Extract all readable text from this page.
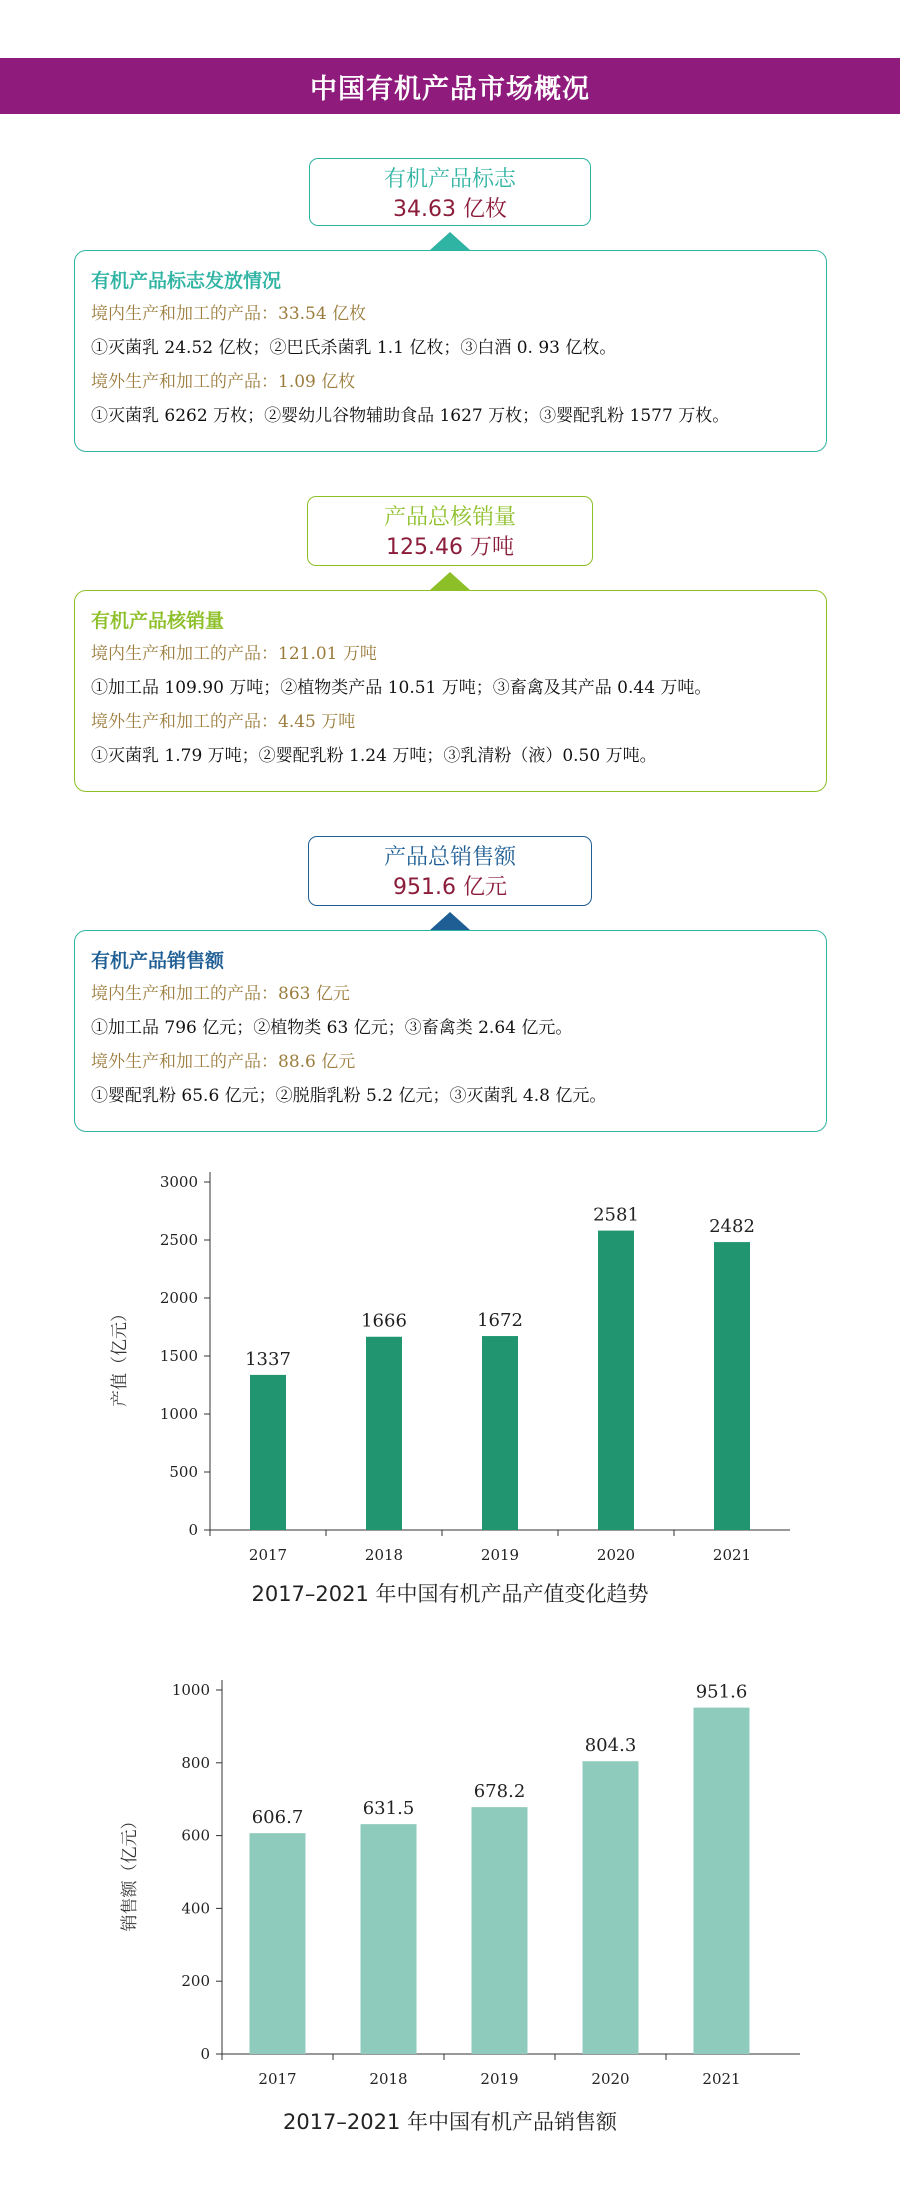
中国有机产品市场概况
有机产品标志
34.63 亿枚
有机产品标志发放情况
境内生产和加工的产品：33.54 亿枚
①灭菌乳 24.52 亿枚；②巴氏杀菌乳 1.1 亿枚；③白酒 0. 93 亿枚。
境外生产和加工的产品：1.09 亿枚
①灭菌乳 6262 万枚；②婴幼儿谷物辅助食品 1627 万枚；③婴配乳粉 1577 万枚。
产品总核销量
125.46 万吨
有机产品核销量
境内生产和加工的产品：121.01 万吨
①加工品 109.90 万吨；②植物类产品 10.51 万吨；③畜禽及其产品 0.44 万吨。
境外生产和加工的产品：4.45 万吨
①灭菌乳 1.79 万吨；②婴配乳粉 1.24 万吨；③乳清粉（液）0.50 万吨。
产品总销售额
951.6 亿元
有机产品销售额
境内生产和加工的产品：863 亿元
①加工品 796 亿元；②植物类 63 亿元；③畜禽类 2.64 亿元。
境外生产和加工的产品：88.6 亿元
①婴配乳粉 65.6 亿元；②脱脂乳粉 5.2 亿元；③灭菌乳 4.8 亿元。
0
500
1000
1500
2000
2500
3000
1337
2017
1666
2018
1672
2019
2581
2020
2482
2021
产值（亿元）
2017–2021 年中国有机产品产值变化趋势
0
200
400
600
800
1000
606.7
2017
631.5
2018
678.2
2019
804.3
2020
951.6
2021
销售额（亿元）
2017–2021 年中国有机产品销售额
